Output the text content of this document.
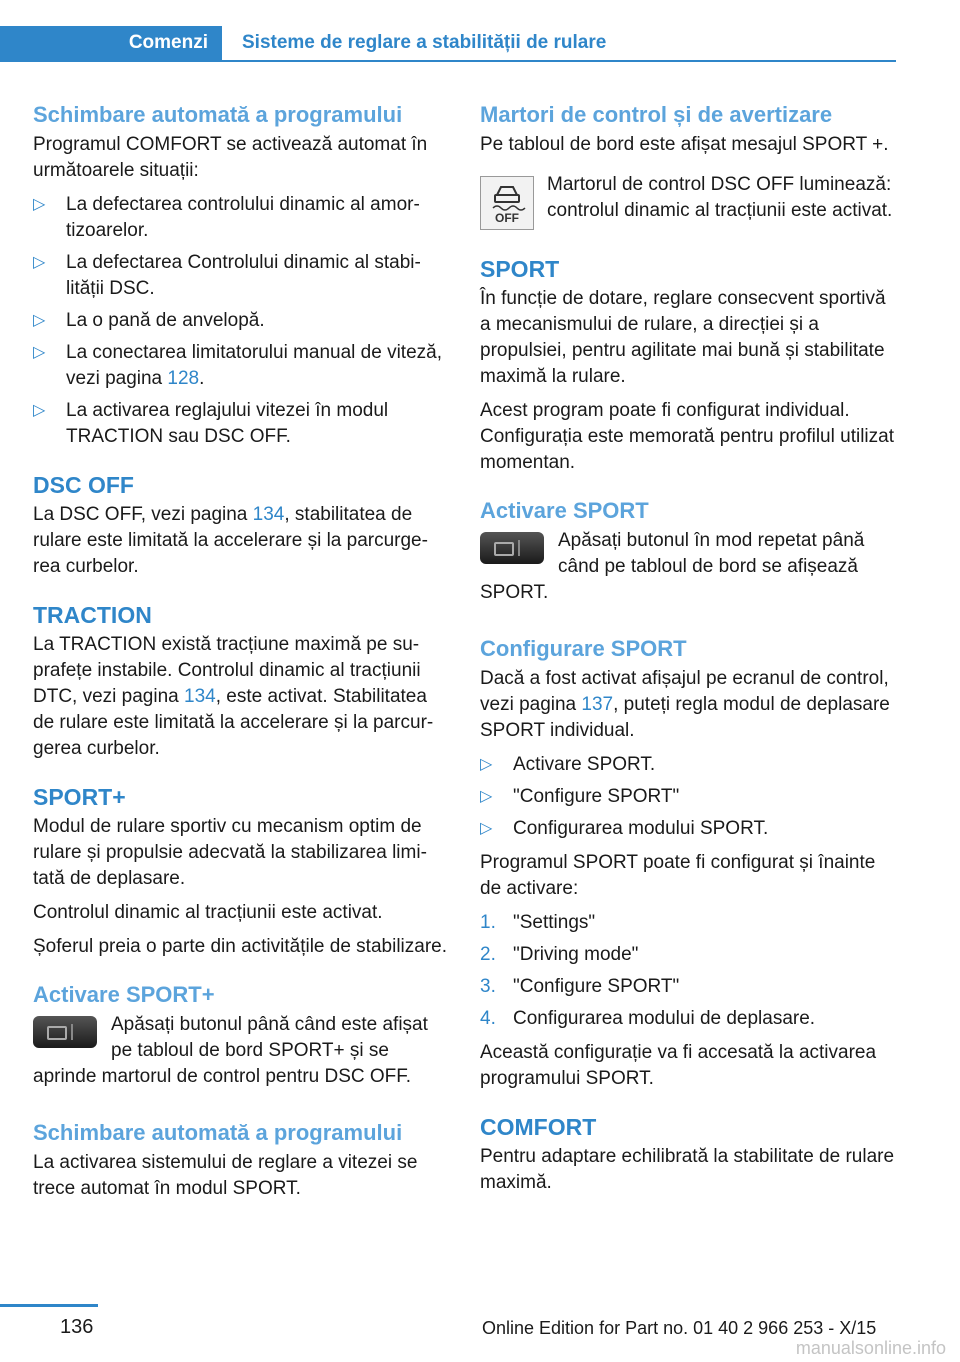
Comenzi	Sisteme de reglare a stabilității de rulare
Schimbare automată a programului

Programul COMFORT se activează automat în următoarele situații:

▷ La defectarea controlului dinamic al amortizoarelor.
▷ La defectarea Controlului dinamic al stabilității DSC.
▷ La o pană de anvelopă.
▷ La conectarea limitatorului manual de viteză, vezi pagina 128.
▷ La activarea reglajului vitezei în modul TRACTION sau DSC OFF.
DSC OFF

La DSC OFF, vezi pagina 134, stabilitatea de rulare este limitată la accelerare și la parcurgerea curbelor.

TRACTION

La TRACTION există tracțiune maximă pe suprafețe instabile. Controlul dinamic al tracțiunii DTC, vezi pagina 134, este activat. Stabilitatea de rulare este limitată la accelerare și la parcurgerea curbelor.

SPORT+

Modul de rulare sportiv cu mecanism optim de rulare și propulsie adecvată la stabilizarea limitată de deplasare.

Controlul dinamic al tracțiunii este activat.

Șoferul preia o parte din activitățile de stabilizare.

Activare SPORT+

Apăsați butonul până când este afișat pe tabloul de bord SPORT+ și se aprinde martorul de control pentru DSC OFF.

Schimbare automată a programului

La activarea sistemului de reglare a vitezei se trece automat în modul SPORT.

Martori de control și de avertizare

Pe tabloul de bord este afișat mesajul SPORT +.

OFF

Martorul de control DSC OFF luminează: controlul dinamic al tracțiunii este activat.

SPORT

În funcție de dotare, reglare consecvent sportivă a mecanismului de rulare, a direcției și a propulsiei, pentru agilitate mai bună și stabilitate maximă la rulare.

Acest program poate fi configurat individual. Configurația este memorată pentru profilul utilizat momentan.

Activare SPORT

Apăsați butonul în mod repetat până când pe tabloul de bord se afișează SPORT.

Configurare SPORT

Dacă a fost activat afișajul pe ecranul de control, vezi pagina 137, puteți regla modul de deplasare SPORT individual.

▷ Activare SPORT.
▷ "Configure SPORT"
▷ Configurarea modului SPORT.

Programul SPORT poate fi configurat și înainte de activare:

1. "Settings"
2. "Driving mode"
3. "Configure SPORT"
4. Configurarea modului de deplasare.

Această configurație va fi accesată la activarea programului SPORT.

COMFORT

Pentru adaptare echilibrată la stabilitate de rulare maximă.

136	Online Edition for Part no. 01 40 2 966 253 - X/15
manualsonline.info
